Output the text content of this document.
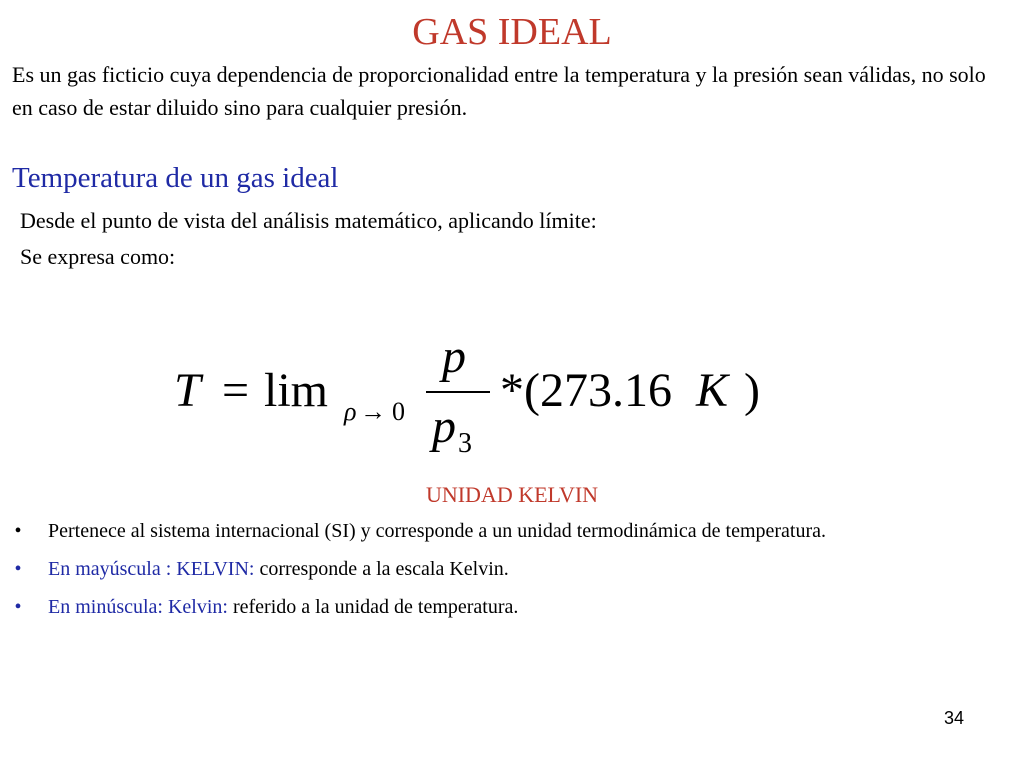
GAS IDEAL
Es un gas ficticio cuya dependencia de proporcionalidad entre la temperatura y la presión sean válidas, no solo en caso de estar diluido sino para cualquier presión.
Temperatura de un gas ideal
Desde el punto de vista del análisis matemático, aplicando límite:
Se expresa como:
T = lim ρ → 0
p
p 3
*(273.16 K )
UNIDAD KELVIN
•	Pertenece al sistema internacional (SI) y corresponde a un unidad termodinámica de temperatura.
•	En mayúscula : KELVIN: corresponde a la escala Kelvin.
•	En minúscula: Kelvin: referido a la unidad de temperatura.
34
